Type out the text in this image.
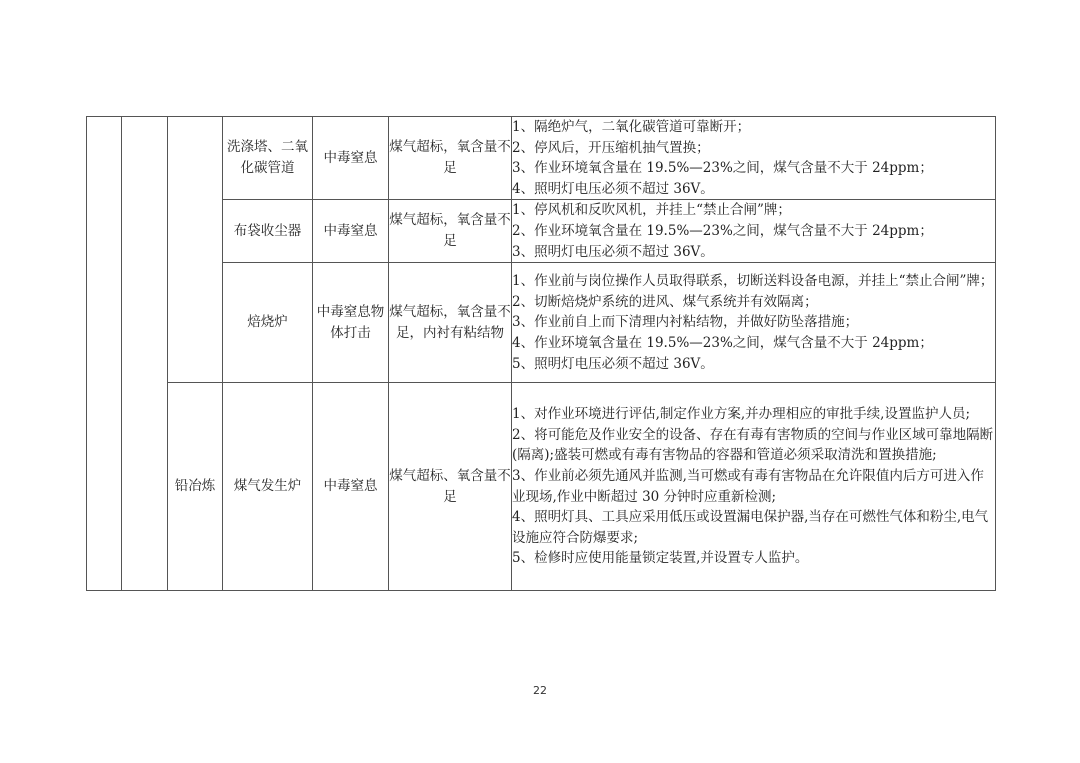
			洗涤塔、二氧化碳管道	中毒窒息	煤气超标，氧含量不足	1、隔绝炉气，二氧化碳管道可靠断开；
2、停风后，开压缩机抽气置换；
3、作业环境氧含量在 19.5%—23%之间，煤气含量不大于 24ppm；
4、照明灯电压必须不超过 36V。

			布袋收尘器	中毒窒息	煤气超标，氧含量不足	1、停风机和反吹风机，并挂上“禁止合闸”牌；
2、作业环境氧含量在 19.5%—23%之间，煤气含量不大于 24ppm；
3、照明灯电压必须不超过 36V。

			焙烧炉	中毒窒息物体打击	煤气超标，氧含量不足，内衬有粘结物	1、作业前与岗位操作人员取得联系，切断送料设备电源，并挂上“禁止合闸”牌；
2、切断焙烧炉系统的进风、煤气系统并有效隔离；
3、作业前自上而下清理内衬粘结物，并做好防坠落措施；
4、作业环境氧含量在 19.5%—23%之间，煤气含量不大于 24ppm；
5、照明灯电压必须不超过 36V。

		铅冶炼	煤气发生炉	中毒窒息	煤气超标、氧含量不足	1、对作业环境进行评估,制定作业方案,并办理相应的审批手续,设置监护人员;
2、将可能危及作业安全的设备、存在有毒有害物质的空间与作业区域可靠地隔断(隔离);盛装可燃或有毒有害物品的容器和管道必须采取清洗和置换措施;
3、作业前必须先通风并监测,当可燃或有毒有害物品在允许限值内后方可进入作业现场,作业中断超过 30 分钟时应重新检测;
4、照明灯具、工具应采用低压或设置漏电保护器,当存在可燃性气体和粉尘,电气设施应符合防爆要求;
5、检修时应使用能量锁定装置,并设置专人监护。
22
